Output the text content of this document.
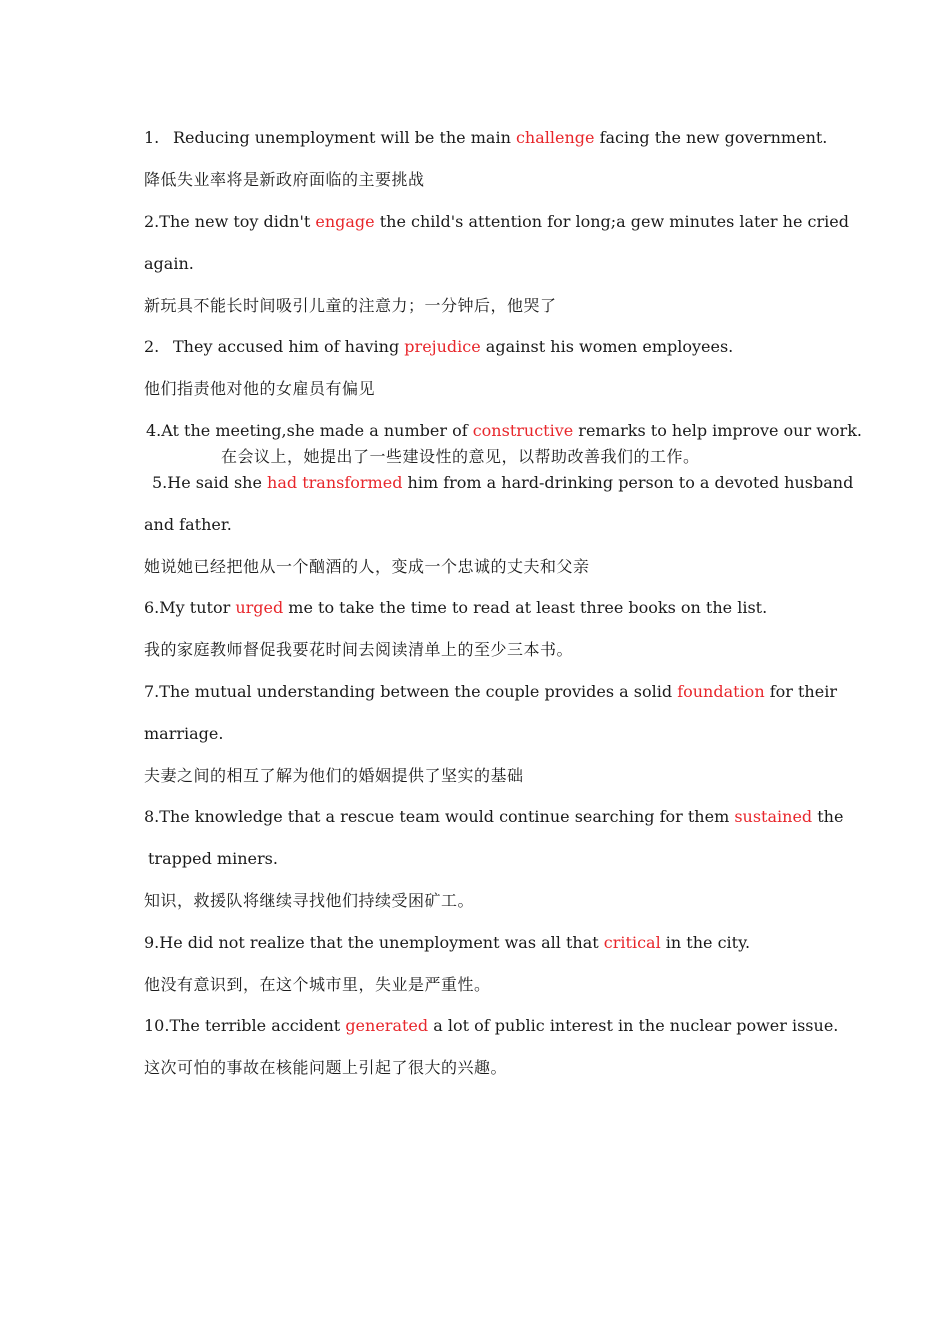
1. Reducing unemployment will be the main challenge facing the new government.
降低失业率将是新政府面临的主要挑战
2.The new toy didn't engage the child's attention for long;a gew minutes later he cried
again.
新玩具不能长时间吸引儿童的注意力；一分钟后，他哭了
2. They accused him of having prejudice against his women employees.
他们指责他对他的女雇员有偏见
4.At the meeting,she made a number of constructive remarks to help improve our work.
在会议上，她提出了一些建设性的意见，以帮助改善我们的工作。
5.He said she had transformed him from a hard-drinking person to a devoted husband
and father.
她说她已经把他从一个酗酒的人，变成一个忠诚的丈夫和父亲
6.My tutor urged me to take the time to read at least three books on the list.
我的家庭教师督促我要花时间去阅读清单上的至少三本书。
7.The mutual understanding between the couple provides a solid foundation for their
marriage.
夫妻之间的相互了解为他们的婚姻提供了坚实的基础
8.The knowledge that a rescue team would continue searching for them sustained the
trapped miners.
知识，救援队将继续寻找他们持续受困矿工。
9.He did not realize that the unemployment was all that critical in the city.
他没有意识到，在这个城市里，失业是严重性。
10.The terrible accident generated a lot of public interest in the nuclear power issue.
这次可怕的事故在核能问题上引起了很大的兴趣。
